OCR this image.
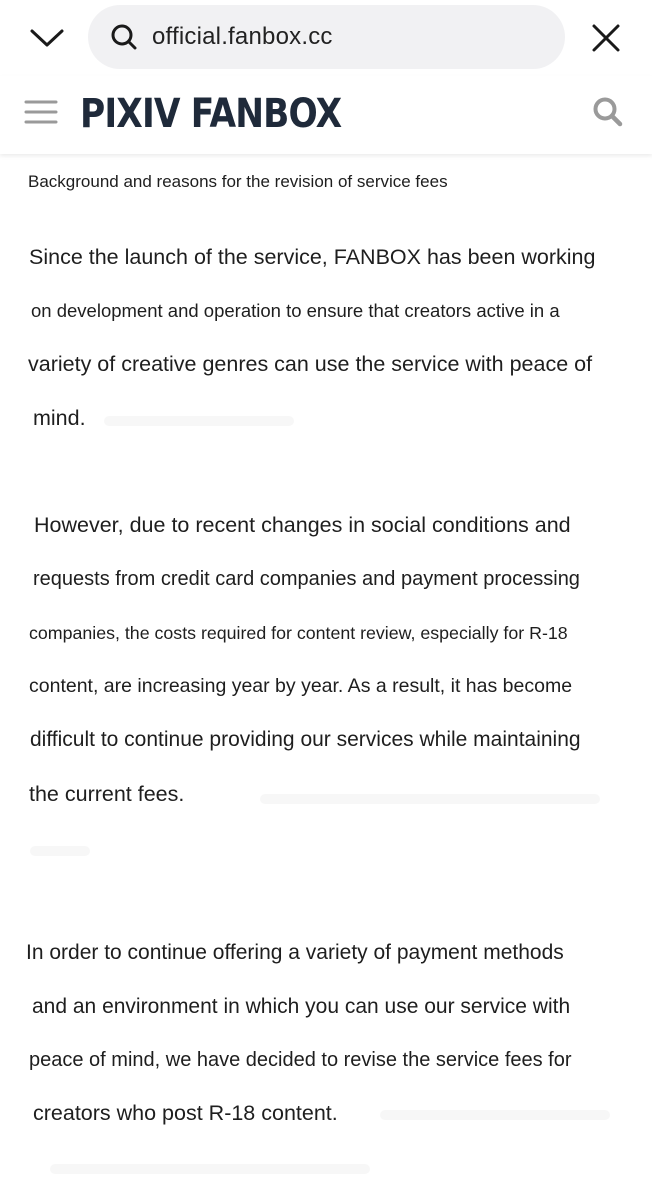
official.fanbox.cc
PIXIV FANBOX
Background and reasons for the revision of service fees
Since the launch of the service, FANBOX has been working
on development and operation to ensure that creators active in a
variety of creative genres can use the service with peace of
mind.
However, due to recent changes in social conditions and
requests from credit card companies and payment processing
companies, the costs required for content review, especially for R-18
content, are increasing year by year. As a result, it has become
difficult to continue providing our services while maintaining
the current fees.
In order to continue offering a variety of payment methods
and an environment in which you can use our service with
peace of mind, we have decided to revise the service fees for
creators who post R-18 content.
